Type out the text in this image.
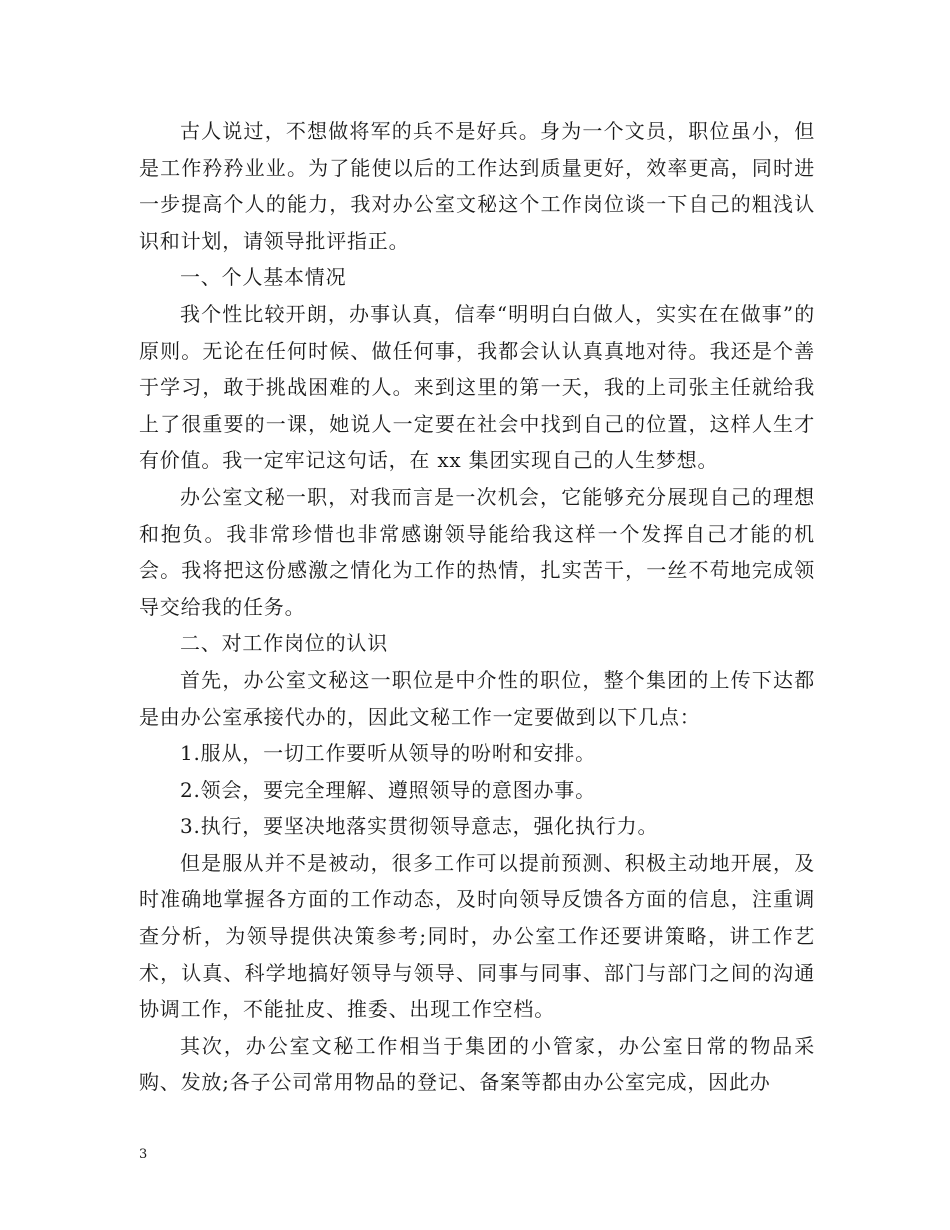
古人说过，不想做将军的兵不是好兵。身为一个文员，职位虽小，但是工作矜矜业业。为了能使以后的工作达到质量更好，效率更高，同时进一步提高个人的能力，我对办公室文秘这个工作岗位谈一下自己的粗浅认识和计划，请领导批评指正。

一、个人基本情况

我个性比较开朗，办事认真，信奉“明明白白做人，实实在在做事”的原则。无论在任何时候、做任何事，我都会认认真真地对待。我还是个善于学习，敢于挑战困难的人。来到这里的第一天，我的上司张主任就给我上了很重要的一课，她说人一定要在社会中找到自己的位置，这样人生才有价值。我一定牢记这句话，在 xx 集团实现自己的人生梦想。

办公室文秘一职，对我而言是一次机会，它能够充分展现自己的理想和抱负。我非常珍惜也非常感谢领导能给我这样一个发挥自己才能的机会。我将把这份感激之情化为工作的热情，扎实苦干，一丝不苟地完成领导交给我的任务。

二、对工作岗位的认识

首先，办公室文秘这一职位是中介性的职位，整个集团的上传下达都是由办公室承接代办的，因此文秘工作一定要做到以下几点：

1.服从，一切工作要听从领导的吩咐和安排。

2.领会，要完全理解、遵照领导的意图办事。

3.执行，要坚决地落实贯彻领导意志，强化执行力。

但是服从并不是被动，很多工作可以提前预测、积极主动地开展，及时准确地掌握各方面的工作动态，及时向领导反馈各方面的信息，注重调查分析，为领导提供决策参考;同时，办公室工作还要讲策略，讲工作艺术，认真、科学地搞好领导与领导、同事与同事、部门与部门之间的沟通协调工作，不能扯皮、推委、出现工作空档。

其次，办公室文秘工作相当于集团的小管家，办公室日常的物品采购、发放;各子公司常用物品的登记、备案等都由办公室完成，因此办

3
